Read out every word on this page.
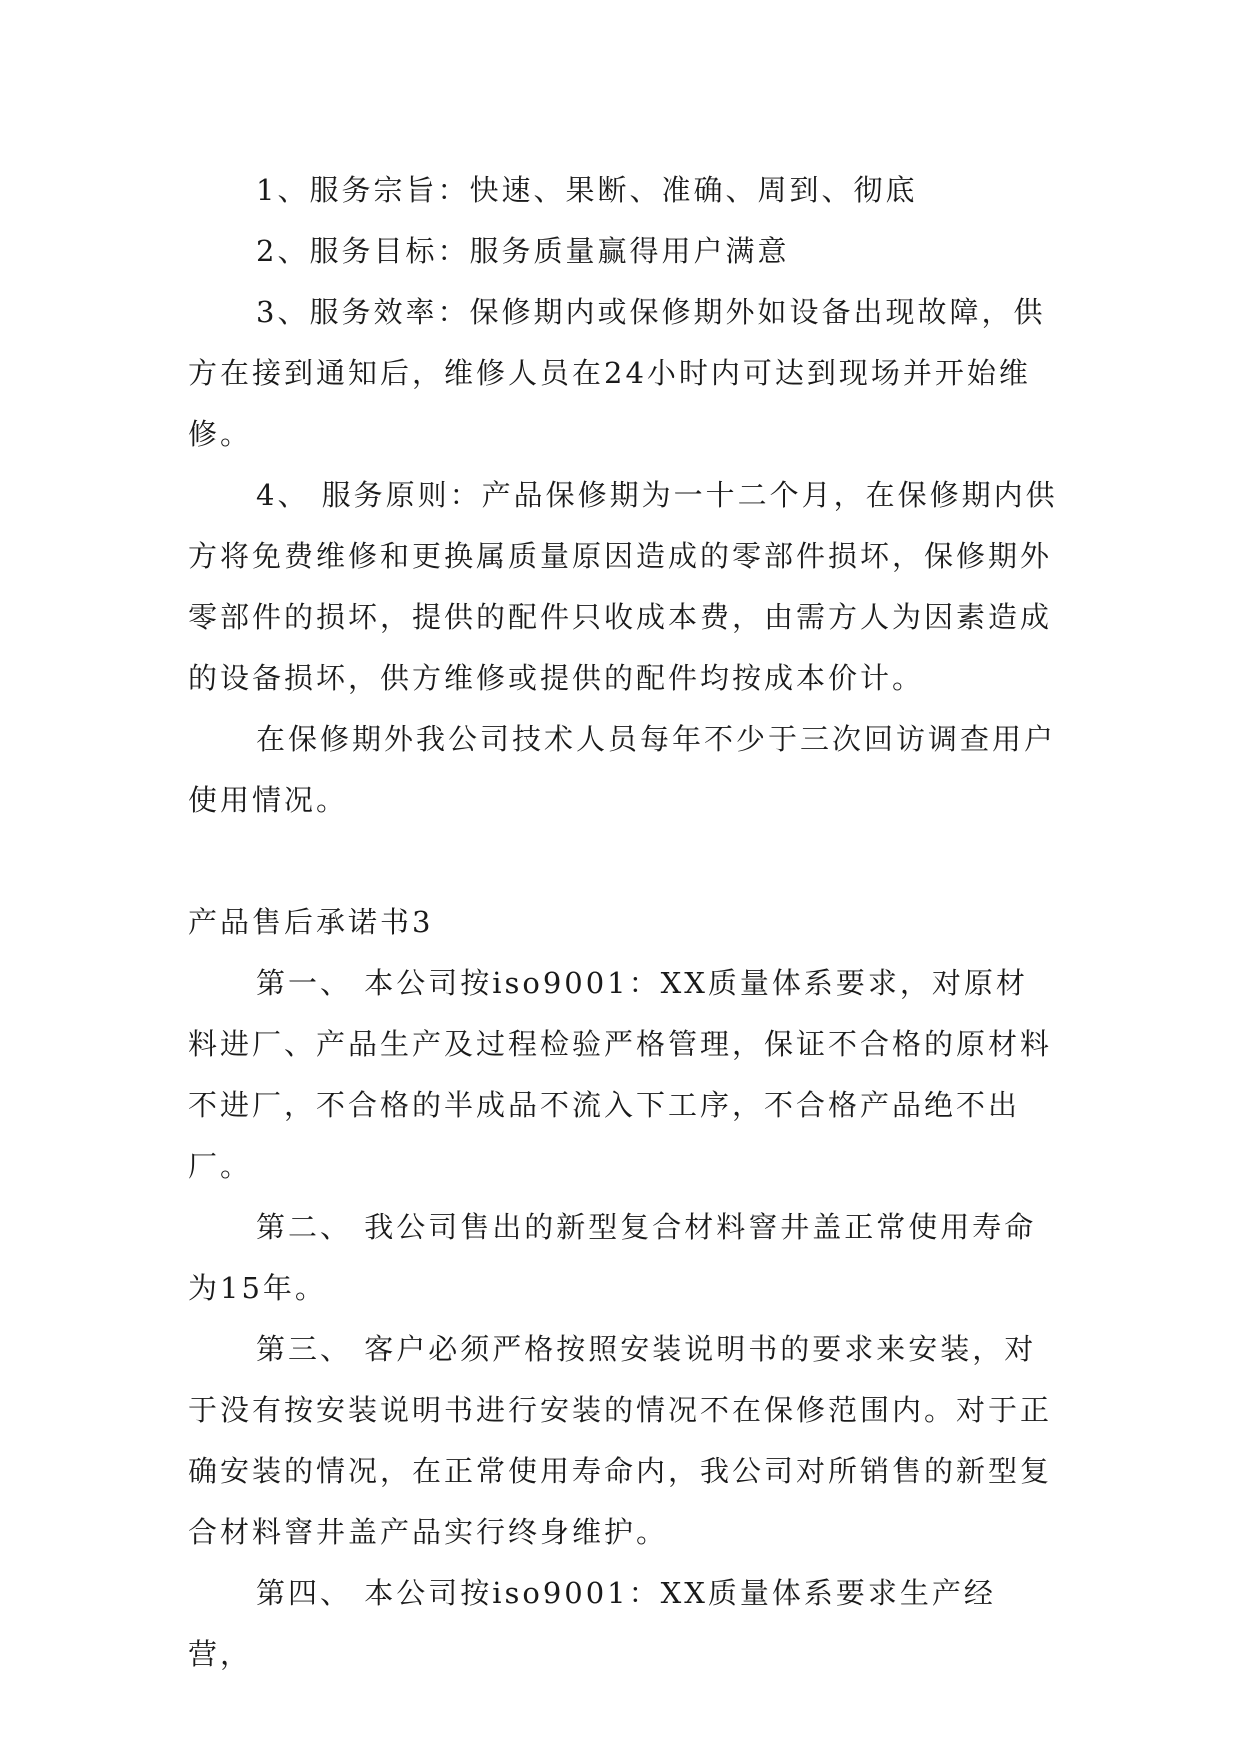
1、服务宗旨：快速、果断、准确、周到、彻底

2、服务目标：服务质量赢得用户满意

3、服务效率：保修期内或保修期外如设备出现故障，供方在接到通知后，维修人员在24小时内可达到现场并开始维修。

4、 服务原则：产品保修期为一十二个月，在保修期内供方将免费维修和更换属质量原因造成的零部件损坏，保修期外零部件的损坏，提供的配件只收成本费，由需方人为因素造成的设备损坏，供方维修或提供的配件均按成本价计。

在保修期外我公司技术人员每年不少于三次回访调查用户使用情况。

产品售后承诺书3

第一、 本公司按iso9001：XX质量体系要求，对原材料进厂、产品生产及过程检验严格管理，保证不合格的原材料不进厂，不合格的半成品不流入下工序，不合格产品绝不出厂。

第二、 我公司售出的新型复合材料窨井盖正常使用寿命为15年。

第三、 客户必须严格按照安装说明书的要求来安装，对于没有按安装说明书进行安装的情况不在保修范围内。对于正确安装的情况，在正常使用寿命内，我公司对所销售的新型复合材料窨井盖产品实行终身维护。

第四、 本公司按iso9001：XX质量体系要求生产经营，
